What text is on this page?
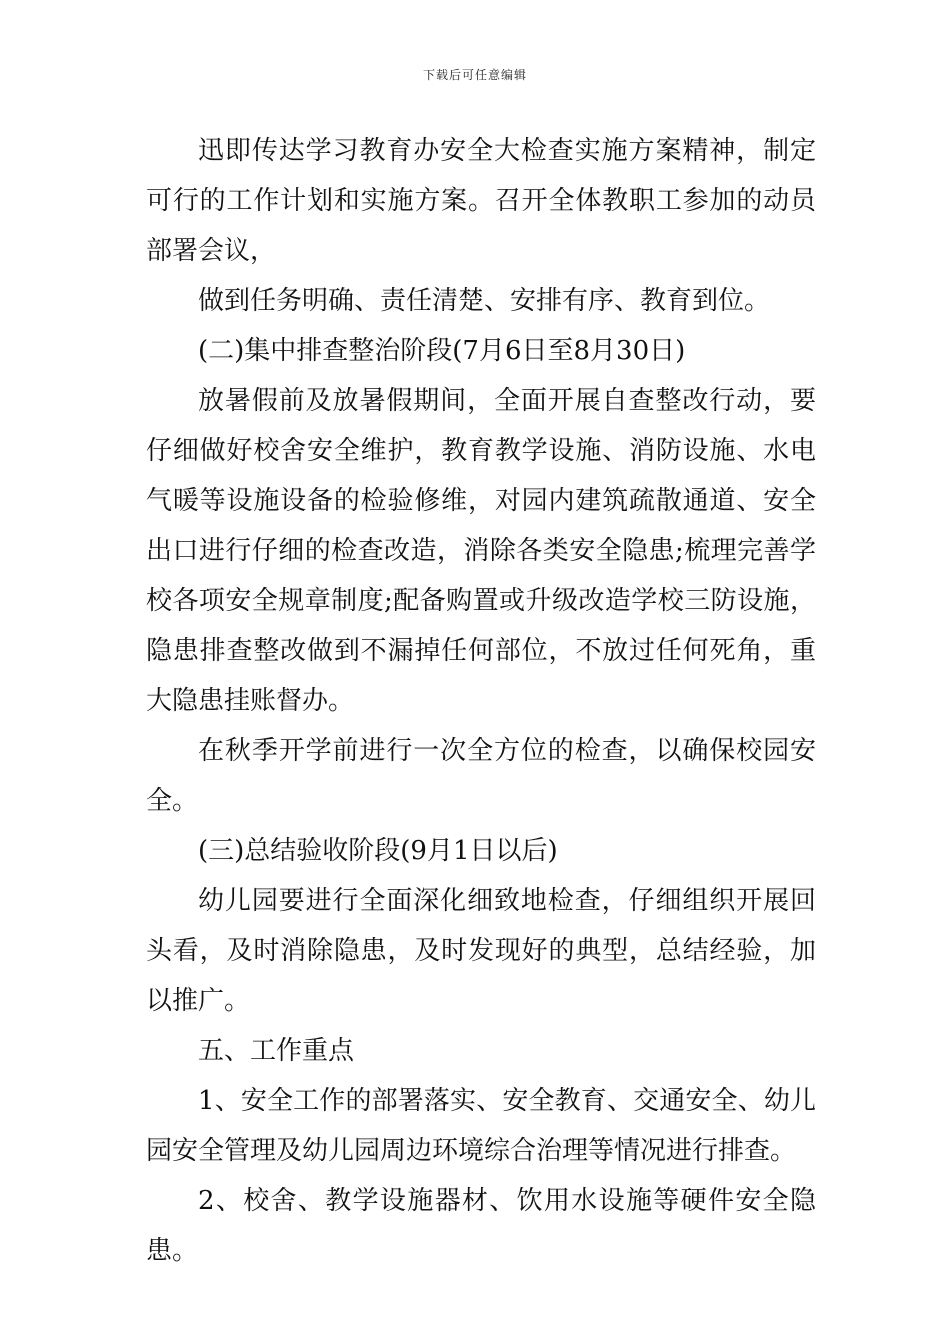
下载后可任意编辑

迅即传达学习教育办安全大检查实施方案精神，制定可行的工作计划和实施方案。召开全体教职工参加的动员部署会议，

做到任务明确、责任清楚、安排有序、教育到位。

(二)集中排查整治阶段(7月6日至8月30日)

放暑假前及放暑假期间，全面开展自查整改行动，要仔细做好校舍安全维护，教育教学设施、消防设施、水电气暖等设施设备的检验修维，对园内建筑疏散通道、安全出口进行仔细的检查改造，消除各类安全隐患;梳理完善学校各项安全规章制度;配备购置或升级改造学校三防设施，隐患排查整改做到不漏掉任何部位，不放过任何死角，重大隐患挂账督办。

在秋季开学前进行一次全方位的检查，以确保校园安全。

(三)总结验收阶段(9月1日以后)

幼儿园要进行全面深化细致地检查，仔细组织开展回头看，及时消除隐患，及时发现好的典型，总结经验，加以推广。

五、工作重点

1、安全工作的部署落实、安全教育、交通安全、幼儿园安全管理及幼儿园周边环境综合治理等情况进行排查。

2、校舍、教学设施器材、饮用水设施等硬件安全隐患。
